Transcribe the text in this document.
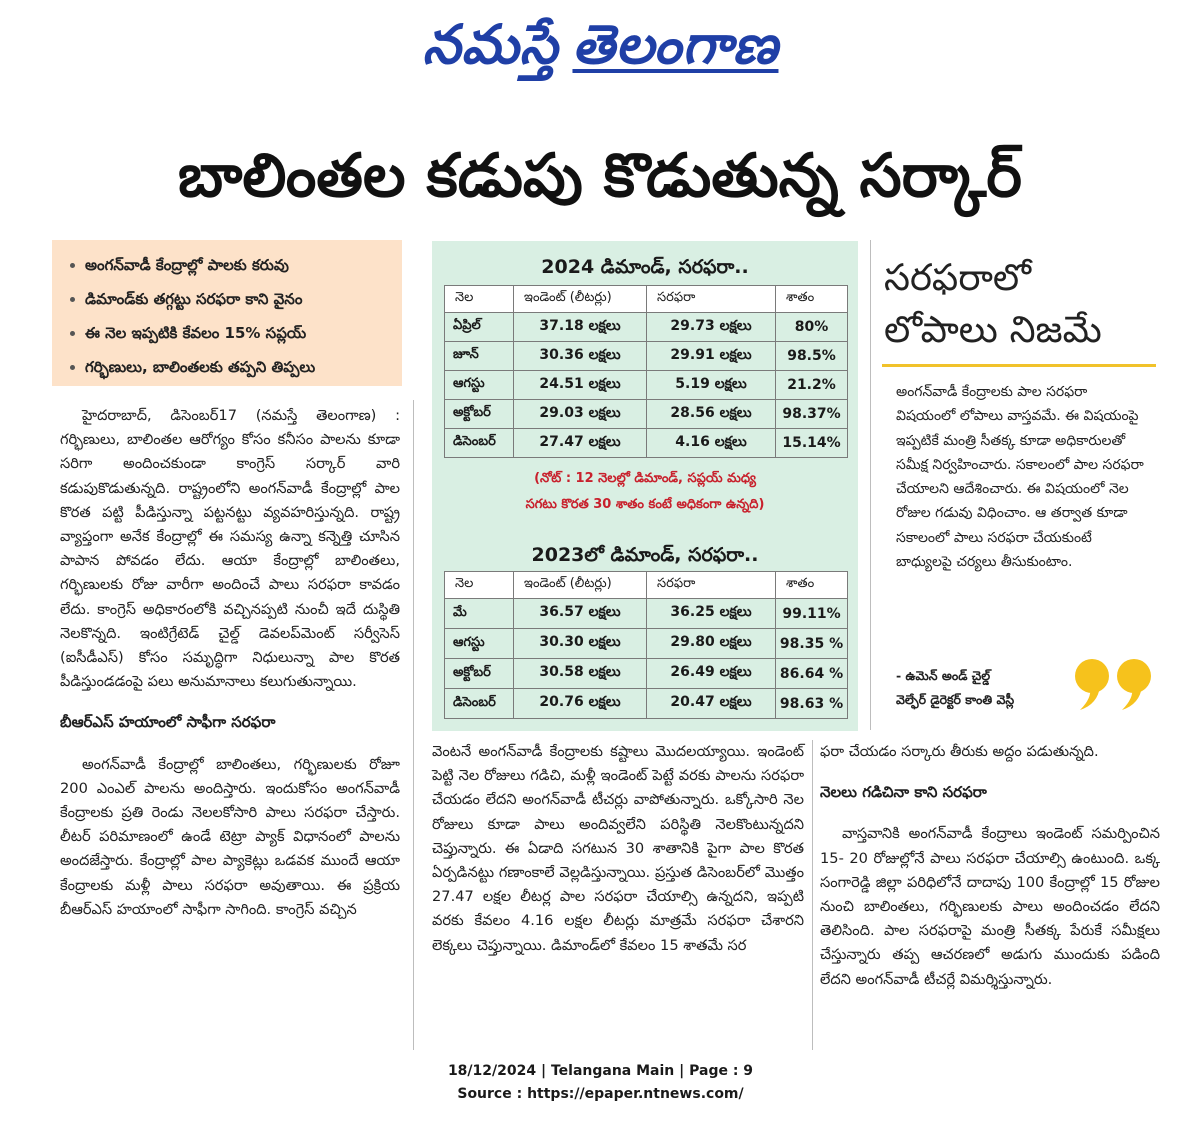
నమస్తే తెలంగాణ
బాలింతల కడుపు కొడుతున్న సర్కార్
అంగన్‌వాడీ కేంద్రాల్లో పాలకు కరువు
డిమాండ్‌కు తగ్గట్టు సరఫరా కాని వైనం
ఈ నెల ఇప్పటికి కేవలం 15% సప్లయ్
గర్భిణులు, బాలింతలకు తప్పని తిప్పలు

హైదరాబాద్, డిసెంబర్17 (నమస్తే తెలంగాణ) : గర్భిణులు, బాలింతల ఆరోగ్యం కోసం కనీసం పాలను కూడా సరిగా అందించకుండా కాంగ్రెస్ సర్కార్ వారి కడుపుకొడుతున్నది. రాష్ట్రంలోని అంగన్‌వాడీ కేంద్రాల్లో పాల కొరత పట్టి పీడిస్తున్నా పట్టనట్టు వ్యవహరిస్తున్నది. రాష్ట్ర వ్యాప్తంగా అనేక కేంద్రాల్లో ఈ సమస్య ఉన్నా కన్నెత్తి చూసిన పాపాన పోవడం లేదు. ఆయా కేంద్రాల్లో బాలింతలు, గర్భిణులకు రోజు వారీగా అందించే పాలు సరఫరా కావడం లేదు. కాంగ్రెస్ అధికారంలోకి వచ్చినప్పటి నుంచీ ఇదే దుస్థితి నెలకొన్నది. ఇంటిగ్రేటెడ్ చైల్డ్ డెవలప్‌మెంట్ సర్వీసెస్ (ఐసీడీఎస్) కోసం సమృద్ధిగా నిధులున్నా పాల కొరత పీడిస్తుండడంపై పలు అనుమానాలు కలుగుతున్నాయి.

బీఆర్‌ఎస్ హయాంలో సాఫీగా సరఫరా

అంగన్‌వాడీ కేంద్రాల్లో బాలింతలు, గర్భిణులకు రోజూ 200 ఎంఎల్ పాలను అందిస్తారు. ఇందుకోసం అంగన్‌వాడీ కేంద్రాలకు ప్రతి రెండు నెలలకోసారి పాలు సరఫరా చేస్తారు. లీటర్ పరిమాణంలో ఉండే టెట్రా ప్యాక్ విధానంలో పాలను అందజేస్తారు. కేంద్రాల్లో పాల ప్యాకెట్లు ఒడవక ముందే ఆయా కేంద్రాలకు మళ్లీ పాలు సరఫరా అవుతాయి. ఈ ప్రక్రియ బీఆర్‌ఎస్ హయాంలో సాఫీగా సాగింది. కాంగ్రెస్ వచ్చిన

2024 డిమాండ్, సరఫరా..
నెల	ఇండెంట్ (లీటర్లు)	సరఫరా	శాతం
ఏప్రిల్	37.18 లక్షలు	29.73 లక్షలు	80%
జూన్	30.36 లక్షలు	29.91 లక్షలు	98.5%
ఆగస్టు	24.51 లక్షలు	5.19 లక్షలు	21.2%
అక్టోబర్	29.03 లక్షలు	28.56 లక్షలు	98.37%
డిసెంబర్	27.47 లక్షలు	4.16 లక్షలు	15.14%
(నోట్ : 12 నెలల్లో డిమాండ్, సప్లయ్ మధ్య
సగటు కొరత 30 శాతం కంటే అధికంగా ఉన్నది)
2023లో డిమాండ్, సరఫరా..
నెల	ఇండెంట్ (లీటర్లు)	సరఫరా	శాతం
మే	36.57 లక్షలు	36.25 లక్షలు	99.11%
ఆగస్టు	30.30 లక్షలు	29.80 లక్షలు	98.35 %
అక్టోబర్	30.58 లక్షలు	26.49 లక్షలు	86.64 %
డిసెంబర్	20.76 లక్షలు	20.47 లక్షలు	98.63 %
సరఫరాలో
లోపాలు నిజమే
అంగన్‌వాడీ కేంద్రాలకు పాల సరఫరా విషయంలో లోపాలు వాస్తవమే. ఈ విషయంపై ఇప్పటికే మంత్రి సీతక్క కూడా అధికారులతో సమీక్ష నిర్వహించారు. సకాలంలో పాల సరఫరా చేయాలని ఆదేశించారు. ఈ విషయంలో నెల రోజుల గడువు విధించాం. ఆ తర్వాత కూడా సకాలంలో పాలు సరఫరా చేయకుంటే బాధ్యులపై చర్యలు తీసుకుంటాం.
- ఉమెన్ అండ్ చైల్డ్
వెల్ఫేర్ డైరెక్టర్ కాంతి వెస్లీ

వెంటనే అంగన్‌వాడీ కేంద్రాలకు కష్టాలు మొదలయ్యాయి. ఇండెంట్ పెట్టి నెల రోజులు గడిచి, మళ్లీ ఇండెంట్ పెట్టే వరకు పాలను సరఫరా చేయడం లేదని అంగన్‌వాడీ టీచర్లు వాపోతున్నారు. ఒక్కోసారి నెల రోజులు కూడా పాలు అందివ్వలేని పరిస్థితి నెలకొంటున్నదని చెప్తున్నారు. ఈ ఏడాది సగటున 30 శాతానికి పైగా పాల కొరత ఏర్పడినట్టు గణాంకాలే వెల్లడిస్తున్నాయి. ప్రస్తుత డిసెంబర్‌లో మొత్తం 27.47 లక్షల లీటర్ల పాల సరఫరా చేయాల్సి ఉన్నదని, ఇప్పటి వరకు కేవలం 4.16 లక్షల లీటర్లు మాత్రమే సరఫరా చేశారని లెక్కలు చెప్తున్నాయి. డిమాండ్‌లో కేవలం 15 శాతమే సర

ఫరా చేయడం సర్కారు తీరుకు అద్దం పడుతున్నది.

నెలలు గడిచినా కాని సరఫరా

వాస్తవానికి అంగన్‌వాడీ కేంద్రాలు ఇండెంట్ సమర్పించిన 15- 20 రోజుల్లోనే పాలు సరఫరా చేయాల్సి ఉంటుంది. ఒక్క సంగారెడ్డి జిల్లా పరిధిలోనే దాదాపు 100 కేంద్రాల్లో 15 రోజుల నుంచి బాలింతలు, గర్భిణులకు పాలు అందించడం లేదని తెలిసింది. పాల సరఫరాపై మంత్రి సీతక్క పేరుకే సమీక్షలు చేస్తున్నారు తప్ప ఆచరణలో అడుగు ముందుకు పడింది లేదని అంగన్‌వాడీ టీచర్లే విమర్శిస్తున్నారు.

18/12/2024 | Telangana Main | Page : 9
Source : https://epaper.ntnews.com/
